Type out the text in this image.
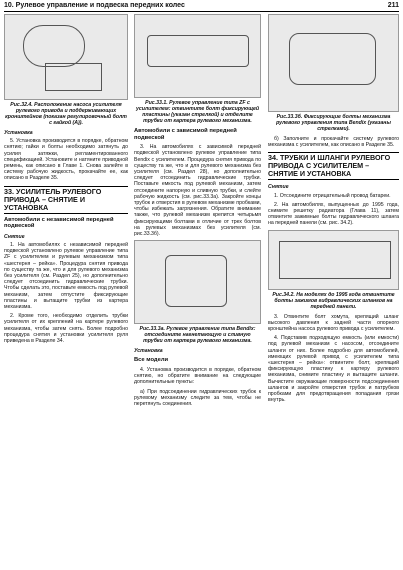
10. Рулевое управление и подвеска передних колес	211
Рис.32.4. Расположение насоса усилителя рулевого привода и поддерживающих кронштейнов (показан регулировочный болт с гайкой (А)).
Установка
5. Установка производится в порядке, обратном снятию; гайки и болты необходимо затянуть до усилия затяжки, регламентированного спецификацией. Установите и натяните приводной ремень, как описано в Главе 1. Снова залейте в систему рабочую жидкость, прокачайте ее, как описано в Разделе 35.
33. УСИЛИТЕЛЬ РУЛЕВОГО ПРИВОДА – СНЯТИЕ И УСТАНОВКА
Автомобили с независимой передней подвеской
Снятие
1. На автомобилях с независимой передней подвеской установлено рулевое управление типа ZF с усилителем и рулевым механизмом типа «шестерня – рейка». Процедура снятия привода по существу та же, что и для рулевого механизма без усилителя (см. Раздел 25), но дополнительно следует отсоединить гидравлические трубки. Чтобы сделать это, поставьте емкость под рулевой механизм, затем отпустите фиксирующие пластины и вытащите трубки из картера механизма.
2. Кроме того, необходимо отделить трубки усилителя от их креплений на картере рулевого механизма, чтобы затем снять. Более подробно процедура снятия и установки усилителя руля приведена в Разделе 34.
Рис.33.1. Рулевое управление типа ZF с усилителем: отвинтите болт фиксирующей пластины (указан стрелкой) и отделите трубки от картера рулевого механизма.
Автомобили с зависимой передней подвеской
3. На автомобилях с зависимой передней подвеской установлено рулевое управление типа Bendix с усилителем. Процедура снятия привода по существу та же, что и для рулевого механизма без усилителя (см. Раздел 28), но дополнительно следует отсоединить гидравлические трубки. Поставьте емкость под рулевой механизм, затем отсоедините напорную и сливную трубки, и слейте рабочую жидкость (см. рис.33.3а). Закройте концы трубок и отверстия в рулевом механизме пробками, чтобы избежать загрязнения. Обратите внимание также, что рулевой механизм крепится четырьмя фиксирующими болтами в отличие от трех болтов на рулевых механизмах без усилителя (см. рис.33.3б).
Рис.33.3а. Рулевое управление типа Bendix: отсоедините нагнетающую и сливную трубки от картера рулевого механизма.
Установка
Все модели
4. Установка производится в порядке, обратном снятию, но обратите внимание на следующие дополнительные пункты:
а) При подсоединении гидравлических трубок к рулевому механизму следите за тем, чтобы не перетянуть соединения.
Рис.33.3б. Фиксирующие болты механизма рулевого управления типа Bendix (указаны стрелками).
б) Заполните и прокачайте систему рулевого механизма с усилителем, как описано в Разделе 35.
34. ТРУБКИ И ШЛАНГИ РУЛЕВОГО ПРИВОДА С УСИЛИТЕЛЕМ – СНЯТИЕ И УСТАНОВКА
Снятие
1. Отсоедините отрицательный провод батареи.
2. На автомобилях, выпущенных до 1995 года, снимите решетку радиатора (Глава 11), затем отвинтите зажимные болты гидравлического шланга на передней панели (см. рис. 34.2).
Рис.34.2. На моделях до 1995 года отвинтите болты зажимов гидравлических шлангов на передней панели.
3. Отвинтите болт хомута, крепящий шланг высокого давления к задней части опорного кронштейна насоса рулевого привода с усилителем.
4. Подставив подходящую емкость (или емкости) под рулевой механизм с насосом, отсоедините шланги от них. Более подробно для автомобилей, имеющих рулевой привод с усилителем типа «шестерня – рейка»: отвинтите болт, крепящий фиксирующую пластину к картеру рулевого механизма, снимите пластину и вытащите шланги. Вычистите окружающие поверхности подсоединения шлангов и закройте отверстия трубок и патрубков пробками для предотвращения попадания грязи внутрь.
